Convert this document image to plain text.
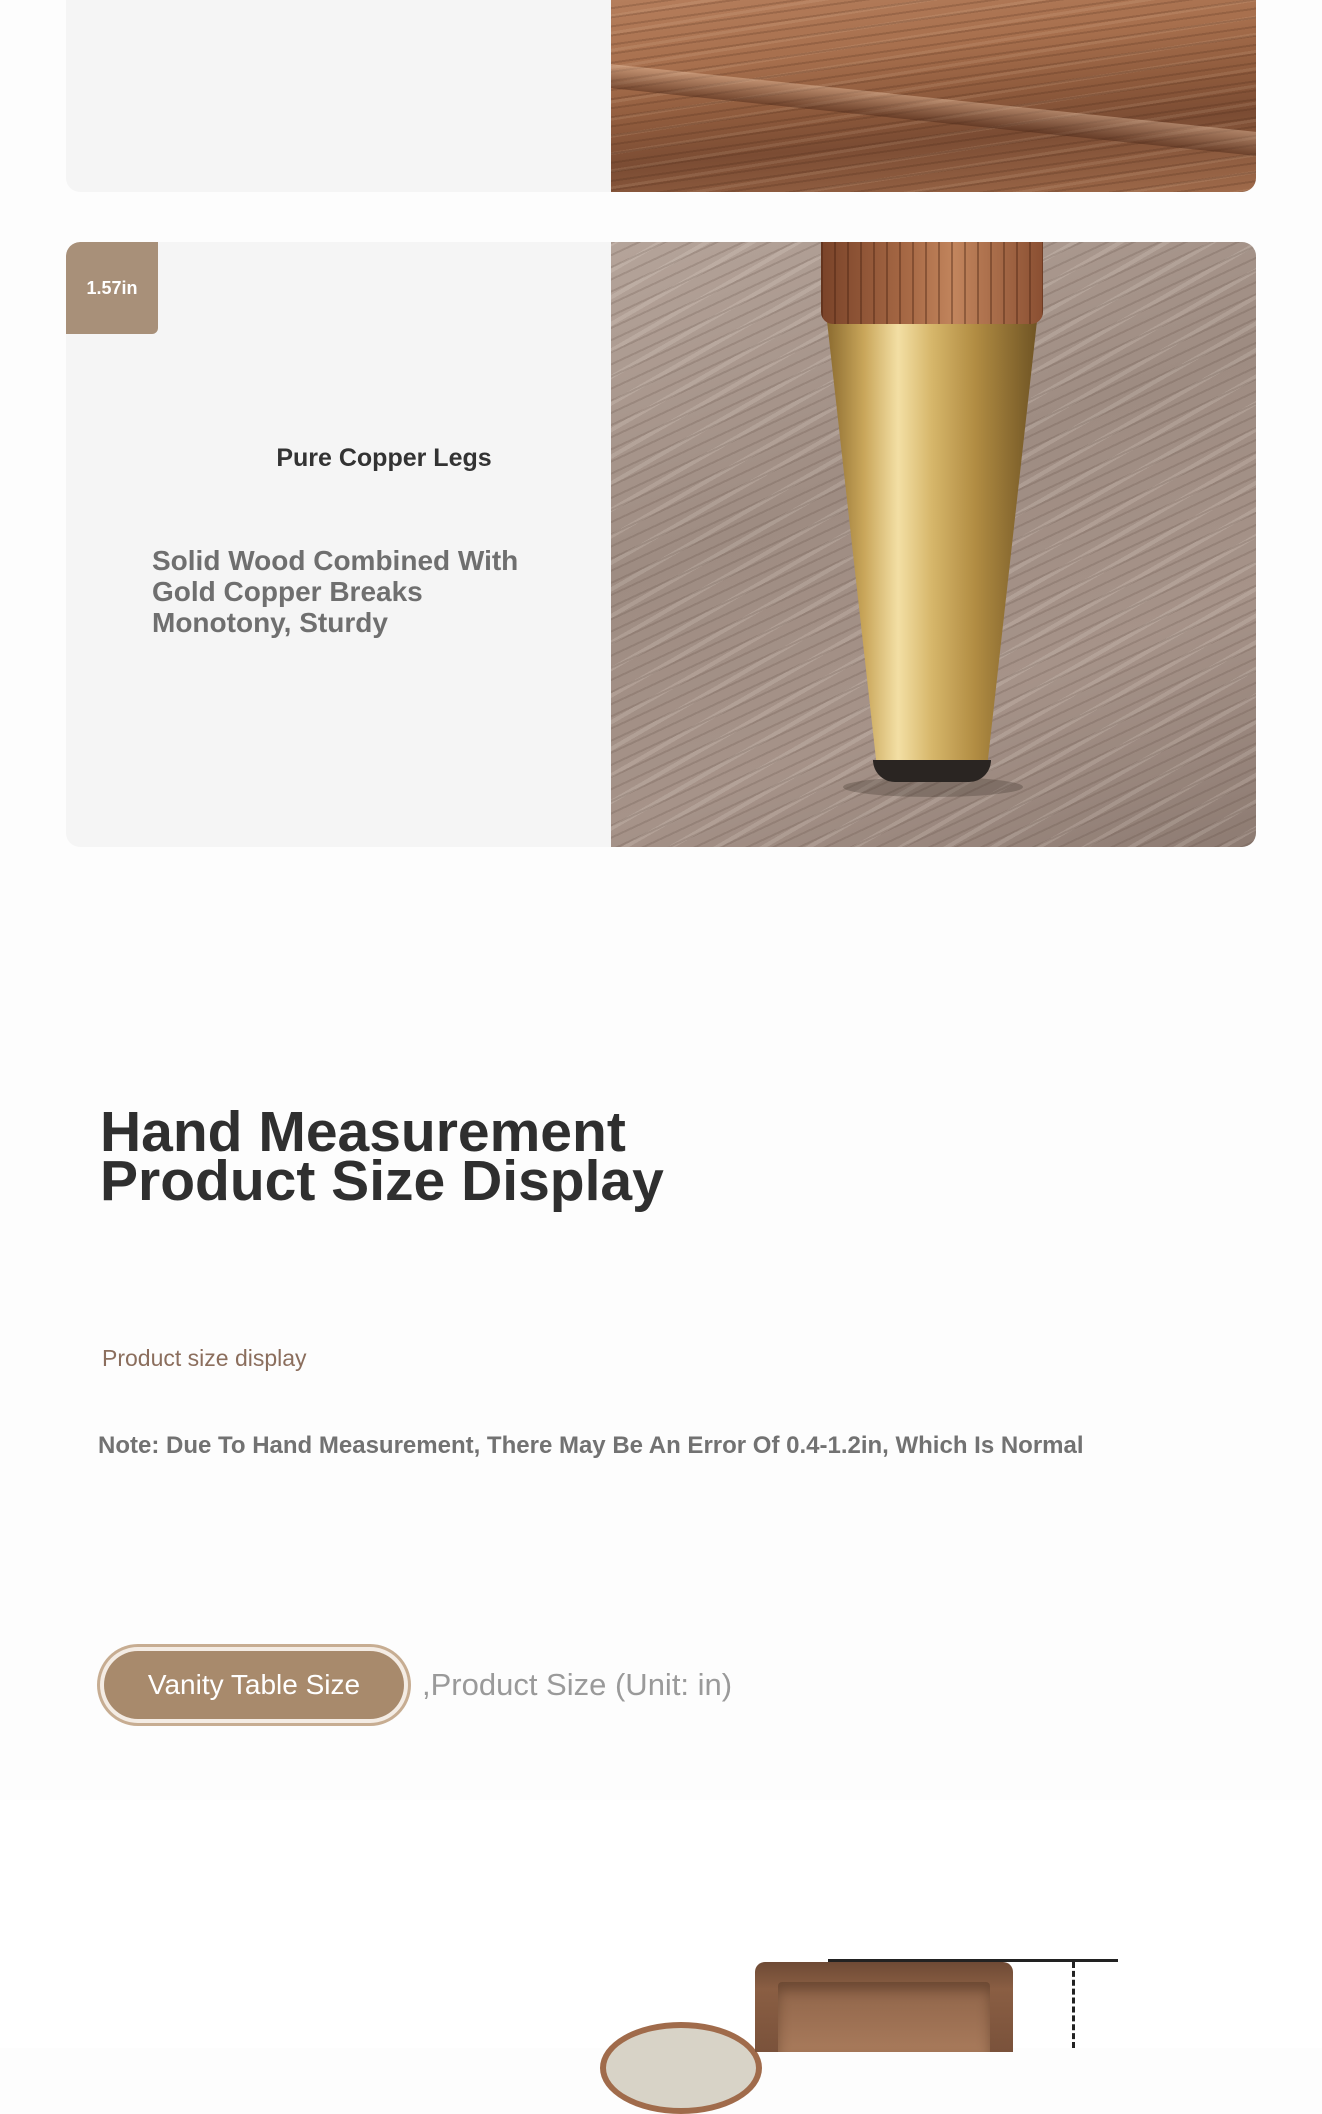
1.57in
Pure Copper Legs
Solid Wood Combined With Gold Copper Breaks Monotony, Sturdy
Hand Measurement Product Size Display
Product size display
Note: Due To Hand Measurement, There May Be An Error Of 0.4-1.2in, Which Is Normal
Vanity Table Size	,Product Size (Unit: in)
